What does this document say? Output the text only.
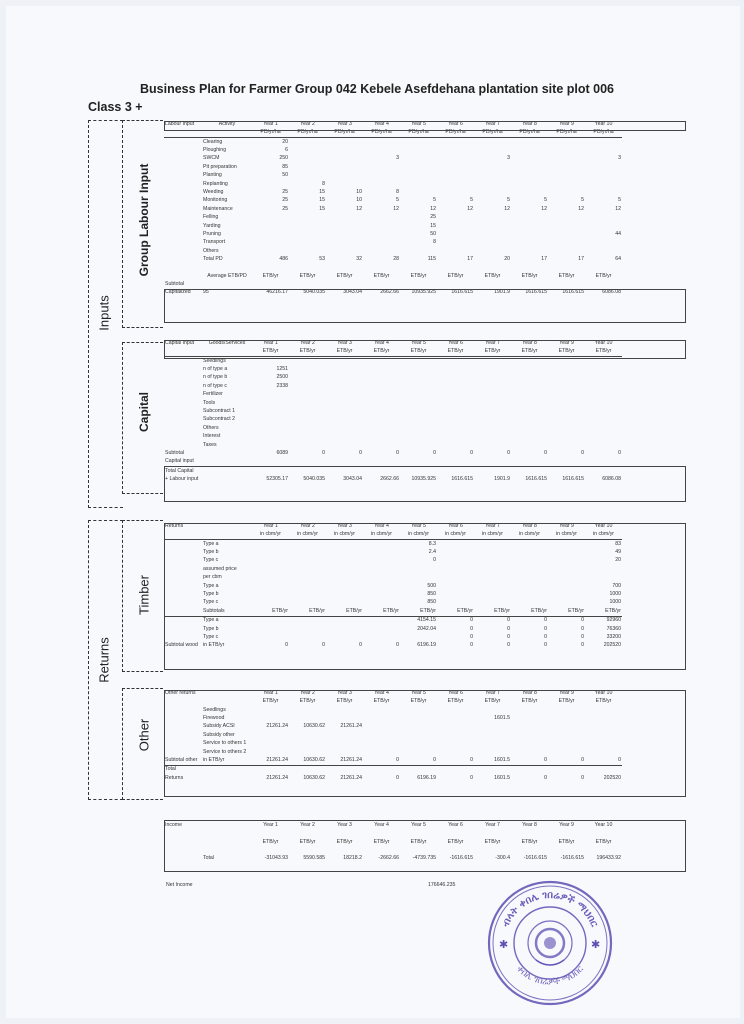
Business Plan for Farmer Group 042 Kebele Asefdehana plantation site plot 006
Class 3 +
Inputs
Group Labour Input
Capital
Returns
Timber
Other
Labour Input	Activity	Year 1	Year 2	Year 3	Year 4	Year 5	Year 6	Year 7	Year 8	Year 9	Year 10
		PD/yr/ha	PD/yr/ha	PD/yr/ha	PD/yr/ha	PD/yr/ha	PD/yr/ha	PD/yr/ha	PD/yr/ha	PD/yr/ha	PD/yr/ha
	Clearing	20									
	Ploughing	6									
	SWCM	250			3			3			3
	Pit preparation	85									
	Planting	50									
	Replanting		8								
	Weeding	25	15	10	8						
	Monitoring	25	15	10	5	5	5	5	5	5	5
	Maintenance	25	15	12	12	12	12	12	12	12	12
	Felling					25					
	Yarding					15					
	Pruning					50					44
	Transport					8					
	Others										
	Total PD	486	53	32	28	115	17	20	17	17	64

	Average ETB/PD	ETB/yr	ETB/yr	ETB/yr	ETB/yr	ETB/yr	ETB/yr	ETB/yr	ETB/yr	ETB/yr	ETB/yr
Subtotal											
Capitalized	95	46216.17	5040.035	3043.04	2662.66	10935.925	1616.615	1901.9	1616.615	1616.615	6086.08
Capital Input	Goods/Services	Year 1	Year 2	Year 3	Year 4	Year 5	Year 6	Year 7	Year 8	Year 9	Year 10
		ETB/yr	ETB/yr	ETB/yr	ETB/yr	ETB/yr	ETB/yr	ETB/yr	ETB/yr	ETB/yr	ETB/yr
	Seedlings										
	n of type a	1251									
	n of type b	2500									
	n of type c	2338									
	Fertilizer										
	Tools										
	Subcontract 1										
	Subcontract 2										
	Others										
	Interest										
	Taxes										
Subtotal		6089	0	0	0	0	0	0	0	0	0
Capital input											
Total Capital											
+ Labour input		52305.17	5040.035	3043.04	2662.66	10935.925	1616.615	1901.9	1616.615	1616.615	6086.08
Returns		Year 1	Year 2	Year 3	Year 4	Year 5	Year 6	Year 7	Year 8	Year 9	Year 10
		in cbm/yr	in cbm/yr	in cbm/yr	in cbm/yr	in cbm/yr	in cbm/yr	in cbm/yr	in cbm/yr	in cbm/yr	in cbm/yr
	Type a					8.3					83
	Type b					2.4					49
	Type c					0					20
	assumed price										
	per cbm										
	Type a					500					700
	Type b					850					1000
	Type c					850					1000
	Subtotals	ETB/yr	ETB/yr	ETB/yr	ETB/yr	ETB/yr	ETB/yr	ETB/yr	ETB/yr	ETB/yr	ETB/yr
	Type a					4154.15	0	0	0	0	92960
	Type b					2042.04	0	0	0	0	76360
	Type c						0	0	0	0	33200
Subtotal wood	in ETB/yr	0	0	0	0	6196.19	0	0	0	0	202520
Other returns		Year 1	Year 2	Year 3	Year 4	Year 5	Year 6	Year 7	Year 8	Year 9	Year 10
		ETB/yr	ETB/yr	ETB/yr	ETB/yr	ETB/yr	ETB/yr	ETB/yr	ETB/yr	ETB/yr	ETB/yr
	Seedlings										
	Firewood							1601.5			
	Subsidy ACSI	21261.24	10630.62	21261.24							
	Subsidy other										
	Service to others 1										
	Service to others 2										
Subtotal other	in ETB/yr	21261.24	10630.62	21261.24	0	0	0	1601.5	0	0	0
Total											
Returns		21261.24	10630.62	21261.24	0	6196.19	0	1601.5	0	0	202520
Income		Year 1	Year 2	Year 3	Year 4	Year 5	Year 6	Year 7	Year 8	Year 9	Year 10

		ETB/yr	ETB/yr	ETB/yr	ETB/yr	ETB/yr	ETB/yr	ETB/yr	ETB/yr	ETB/yr	ETB/yr

	Total	-31043.93	5590.585	18218.2	-2662.66	-4739.735	-1616.615	-300.4	-1616.615	-1616.615	196433.92
Net Income	176646.235
✱	✱
ብላት ቀበሌ ገበሬዎች ማህበር
ቀበሌ ገበሬዎች ማህበር
